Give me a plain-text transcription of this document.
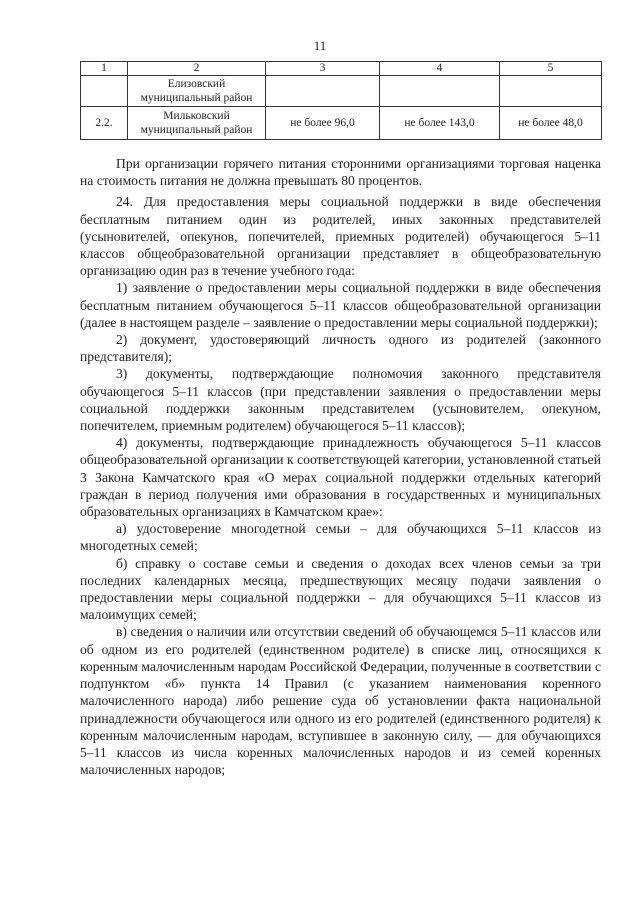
11
1	2	3	4	5
	Елизовский муниципальный район			
2.2.	Мильковский муниципальный район	не более 96,0	не более 143,0	не более 48,0

При организации горячего питания сторонними организациями торговая наценка на стоимость питания не должна превышать 80 процентов.

24. Для предоставления меры социальной поддержки в виде обеспечения бесплатным питанием один из родителей, иных законных представителей (усыновителей, опекунов, попечителей, приемных родителей) обучающегося 5–11 классов общеобразовательной организации представляет в общеобразовательную организацию один раз в течение учебного года:

1) заявление о предоставлении меры социальной поддержки в виде обеспечения бесплатным питанием обучающегося 5–11 классов общеобразовательной организации (далее в настоящем разделе – заявление о предоставлении меры социальной поддержки);

2) документ, удостоверяющий личность одного из родителей (законного представителя);

3) документы, подтверждающие полномочия законного представителя обучающегося 5–11 классов (при представлении заявления о предоставлении меры социальной поддержки законным представителем (усыновителем, опекуном, попечителем, приемным родителем) обучающегося 5–11 классов);

4) документы, подтверждающие принадлежность обучающегося 5–11 классов общеобразовательной организации к соответствующей категории, установленной статьей 3 Закона Камчатского края «О мерах социальной поддержки отдельных категорий граждан в период получения ими образования в государственных и муниципальных образовательных организациях в Камчатском крае»:

а) удостоверение многодетной семьи – для обучающихся 5–11 классов из многодетных семей;

б) справку о составе семьи и сведения о доходах всех членов семьи за три последних календарных месяца, предшествующих месяцу подачи заявления о предоставлении меры социальной поддержки – для обучающихся 5–11 классов из малоимущих семей;

в) сведения о наличии или отсутствии сведений об обучающемся 5–11 классов или об одном из его родителей (единственном родителе) в списке лиц, относящихся к коренным малочисленным народам Российской Федерации, полученные в соответствии с подпунктом «б» пункта 14 Правил (с указанием наименования коренного малочисленного народа) либо решение суда об установлении факта национальной принадлежности обучающегося или одного из его родителей (единственного родителя) к коренным малочисленным народам, вступившее в законную силу, — для обучающихся 5–11 классов из числа коренных малочисленных народов и из семей коренных малочисленных народов;
